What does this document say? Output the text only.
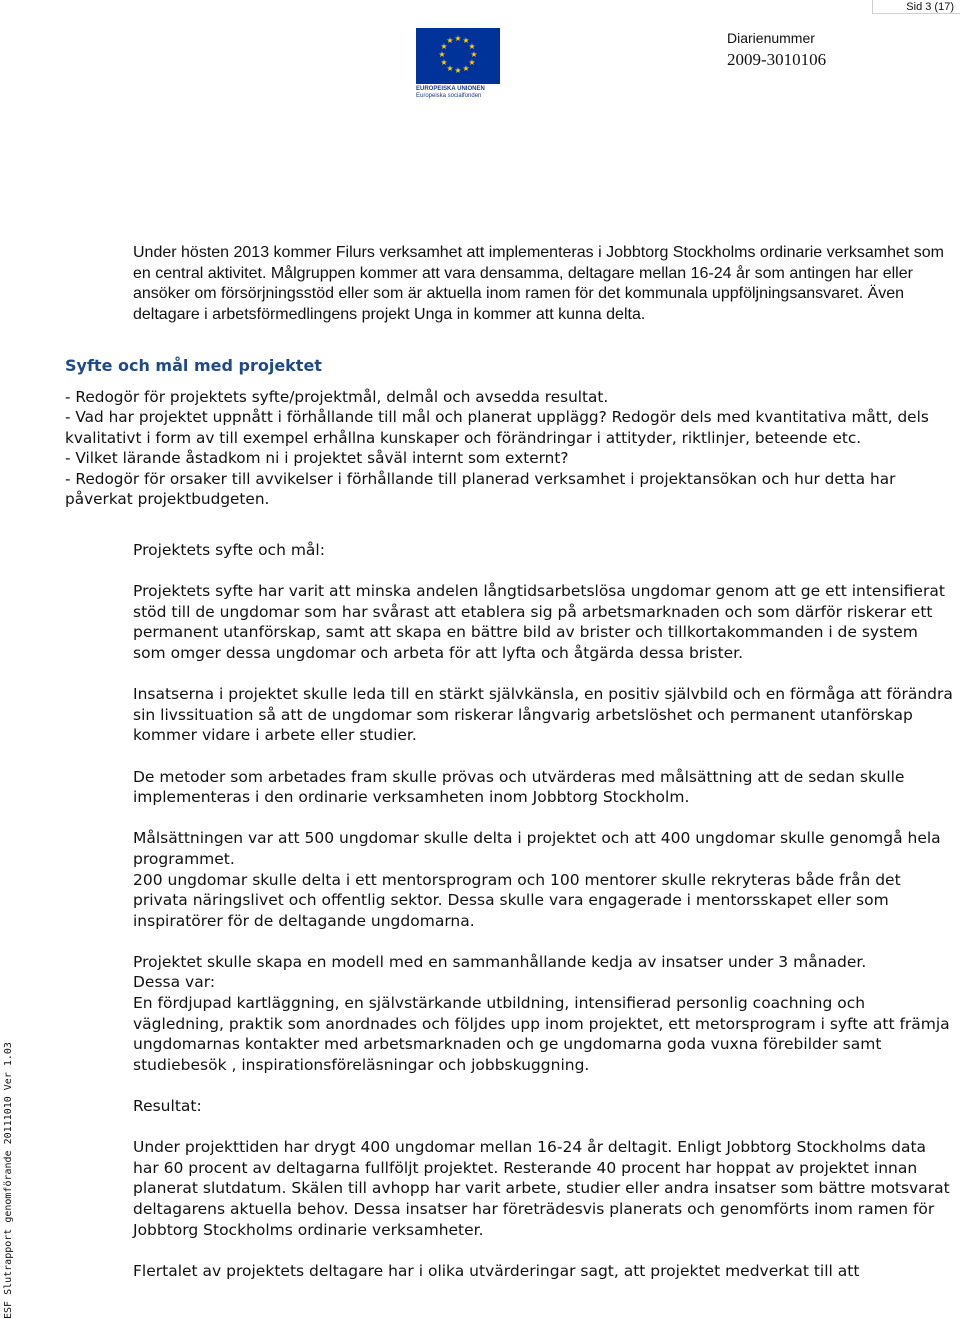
Sid 3 (17)
★ ★
★
★
★
★
★
★
★
★
★
★
EUROPEISKA UNIONEN
Europeiska socialfonden
Diarienummer
2009-3010106
ESF Slutrapport genomförande 20111010 Ver 1.03
Under hösten 2013 kommer Filurs verksamhet att implementeras i Jobbtorg Stockholms ordinarie verksamhet som en central aktivitet. Målgruppen kommer att vara densamma, deltagare mellan 16-24 år som antingen har eller ansöker om försörjningsstöd eller som är aktuella inom ramen för det kommunala uppföljningsansvaret. Även deltagare i arbetsförmedlingens projekt Unga in kommer att kunna delta.
Syfte och mål med projektet

- Redogör för projektets syfte/projektmål, delmål och avsedda resultat.

- Vad har projektet uppnått i förhållande till mål och planerat upplägg? Redogör dels med kvantitativa mått, dels kvalitativt i form av till exempel erhållna kunskaper och förändringar i attityder, riktlinjer, beteende etc.

- Vilket lärande åstadkom ni i projektet såväl internt som externt?

- Redogör för orsaker till avvikelser i förhållande till planerad verksamhet i projektansökan och hur detta har påverkat projektbudgeten.

Projektets syfte och mål:

Projektets syfte har varit att minska andelen långtidsarbetslösa ungdomar genom att ge ett intensifierat stöd till de ungdomar som har svårast att etablera sig på arbetsmarknaden och som därför riskerar ett permanent utanförskap, samt att skapa en bättre bild av brister och tillkortakommanden i de system som omger dessa ungdomar och arbeta för att lyfta och åtgärda dessa brister.

Insatserna i projektet skulle leda till en stärkt självkänsla, en positiv självbild och en förmåga att förändra sin livssituation så att de ungdomar som riskerar långvarig arbetslöshet och permanent utanförskap kommer vidare i arbete eller studier.

De metoder som arbetades fram skulle prövas och utvärderas med målsättning att de sedan skulle implementeras i den ordinarie verksamheten inom Jobbtorg Stockholm.

Målsättningen var att 500 ungdomar skulle delta i projektet och att 400 ungdomar skulle genomgå hela programmet.

200 ungdomar skulle delta i ett mentorsprogram och 100 mentorer skulle rekryteras både från det privata näringslivet och offentlig sektor. Dessa skulle vara engagerade i mentorsskapet eller som inspiratörer för de deltagande ungdomarna.

Projektet skulle skapa en modell med en sammanhållande kedja av insatser under 3 månader.

Dessa var:

En fördjupad kartläggning, en självstärkande utbildning, intensifierad personlig coachning och vägledning, praktik som anordnades och följdes upp inom projektet, ett metorsprogram i syfte att främja ungdomarnas kontakter med arbetsmarknaden och ge ungdomarna goda vuxna förebilder samt studiebesök , inspirationsföreläsningar och jobbskuggning.

Resultat:

Under projekttiden har drygt 400 ungdomar mellan 16-24 år deltagit. Enligt Jobbtorg Stockholms data har 60 procent av deltagarna fullföljt projektet. Resterande 40 procent har hoppat av projektet innan planerat slutdatum. Skälen till avhopp har varit arbete, studier eller andra insatser som bättre motsvarat deltagarens aktuella behov. Dessa insatser har företrädesvis planerats och genomförts inom ramen för Jobbtorg Stockholms ordinarie verksamheter.

Flertalet av projektets deltagare har i olika utvärderingar sagt, att projektet medverkat till att
